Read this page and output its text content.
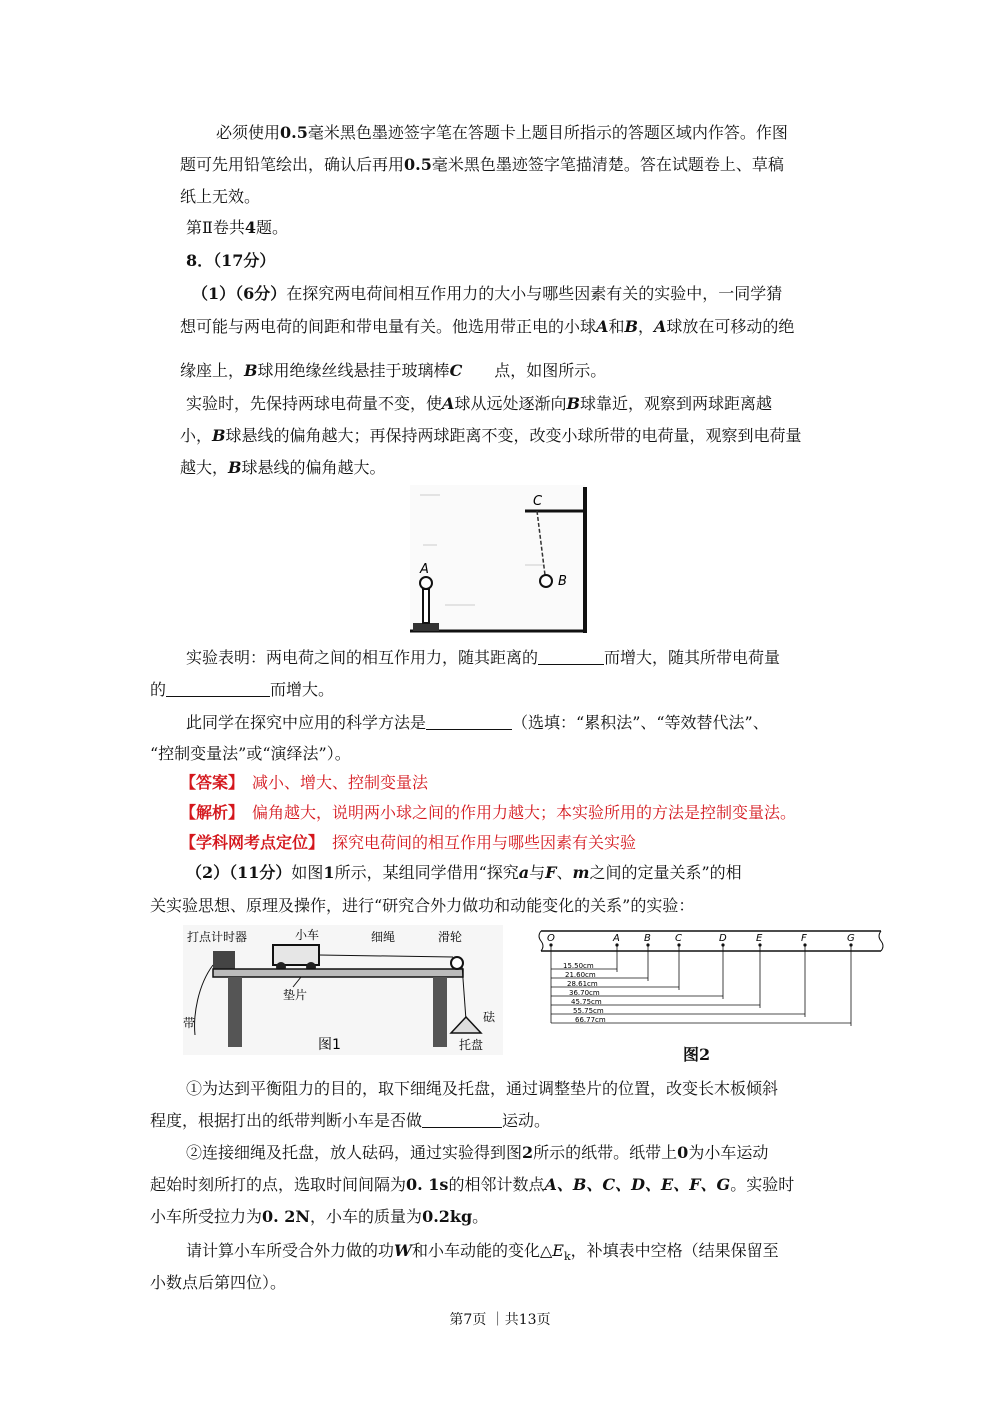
必须使用0.5毫米黑色墨迹签字笔在答题卡上题目所指示的答题区域内作答。作图
题可先用铅笔绘出，确认后再用0.5毫米黑色墨迹签字笔描清楚。答在试题卷上、草稿
纸上无效。
第Ⅱ卷共4题。
8．（17分）
（1）（6分）在探究两电荷间相互作用力的大小与哪些因素有关的实验中，一同学猜
想可能与两电荷的间距和带电量有关。他选用带正电的小球A和B，A球放在可移动的绝
缘座上，B球用绝缘丝线悬挂于玻璃棒C 点，如图所示。
实验时，先保持两球电荷量不变，使A球从远处逐渐向B球靠近，观察到两球距离越
小，B球悬线的偏角越大；再保持两球距离不变，改变小球所带的电荷量，观察到电荷量
越大，B球悬线的偏角越大。
C
A
B
实验表明：两电荷之间的相互作用力，随其距离的	而增大，随其所带电荷量
的	而增大。
此同学在探究中应用的科学方法是	（选填：“累积法”、“等效替代法”、
“控制变量法”或“演绎法”）。
【答案】 减小、增大、控制变量法
【解析】 偏角越大，说明两小球之间的作用力越大；本实验所用的方法是控制变量法。
【学科网考点定位】 探究电荷间的相互作用与哪些因素有关实验
（2）（11分）如图1所示，某组同学借用“探究a与F、m之间的定量关系”的相
关实验思想、原理及操作，进行“研究合外力做功和动能变化的关系”的实验：
打点计时器	小车	细绳	滑轮
垫片
带	砝
托盘
图1
O	A B C	D	E	F	G
15.50cm
21.60cm
28.61cm
36.70cm
45.75cm
55.75cm
66.77cm
图2
①为达到平衡阻力的目的，取下细绳及托盘，通过调整垫片的位置，改变长木板倾斜
程度，根据打出的纸带判断小车是否做	运动。
②连接细绳及托盘，放人砝码，通过实验得到图2所示的纸带。纸带上0为小车运动
起始时刻所打的点，选取时间间隔为0. 1s的相邻计数点A、B、C、D、E、F、G。实验时
小车所受拉力为0. 2N，小车的质量为0.2kg。
请计算小车所受合外力做的功W和小车动能的变化$\triangle E_k$，补填表中空格（结果保留至
小数点后第四位）。
第7页 ｜共13页
